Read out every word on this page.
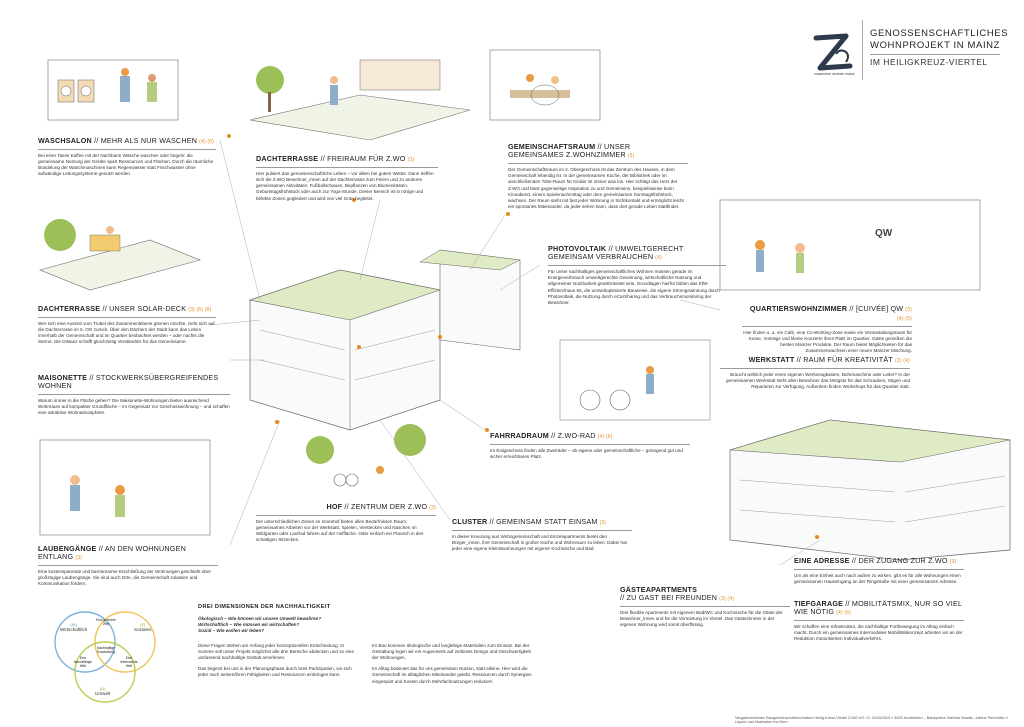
zusammen wohnen mainz
GENOSSENSCHAFTLICHES
WOHNPROJEKT IN MAINZ
IM HEILIGKREUZ-VIERTEL
QW
WASCHSALON // MEHR ALS NUR WASCHEN (4) (6)
Bei einer Tasse Kaffee mit der Nachbarin Wäsche waschen oder bügeln: die gemeinsame Nutzung der Geräte spart Ressourcen und Flächen. Durch die räumliche Bündelung der Waschmaschinen kann Regenwasser statt Frischwasser ohne aufwändige Leitungssysteme genutzt werden.
DACHTERRASSE // FREIRAUM FÜR Z.WO (3)
Hier pulsiert das genossenschaftliche Leben – vor allem bei gutem Wetter. Dann treffen sich die Z.WO Bewohner_innen auf der Dachterrasse zum Feiern und zu anderen gemeinsamen Aktivitäten: Fußballschauen, Bepflanzen von Blumenkästen, Geburtstagsfrühstück oder auch zur Yoga-Stunde. Dieser Bereich ist in ruhige und belebte Zonen gegliedert und wird von viel Grün begleitet.
GEMEINSCHAFTSRAUM // UNSER GEMEINSAMES Z.WOHNZIMMER (3)
Der Gemeinschaftsraum im 2. Obergeschoss ist das Zentrum des Hauses, in dem Gemeinschaft lebendig ist. In der gemeinsamen Küche, der Bibliothek oder im anschließenden Tobe-Raum für Kinder ist immer was los. Hier schlägt das Herz der Z.WO und lässt gegenseitige Inspiration zu und Gemeinsinn, beispielsweise beim Kinoabend, einem Spielenachmittag oder dem gemeinsamen Sonntagsfrühstück, wachsen. Der Raum steht mit fast jeder Wohnung in Sichtkontakt und ermöglicht leicht ein spontanes Miteinander, da jeder sehen kann, dass dort gerade Leben stattfindet.
DACHTERRASSE // UNSER SOLAR-DECK (3) (6) (8)
Wer sich eine Auszeit vom Trubel des Zusammenlebens gönnen möchte, zieht sich auf die Dachterrasse im 6. OG zurück. Über den Dächern der Stadt kann das Leben innerhalb der Gemeinschaft und im Quartier beobachtet werden – oder nachts die Sterne. Die Distanz schafft gleichzeitig Verständnis für das Gemeinsame.
PHOTOVOLTAIK // UMWELTGERECHT GEMEINSAM VERBRAUCHEN (4)
Für unser nachhaltiges gemeinschaftliches Wohnen müssen gerade im Energieverbrauch umweltgerechte Gewinnung, wirtschaftliche Nutzung und allgemeiner Nutzbarkeit gewährleistet sein. Grundlagen hierfür bilden das KfW-Effizienzhaus 55, die umweltoptimierte Bauweise, die eigene Stromgewinnung durch Photovoltaik, die Nutzung durch eCarSharing und das Verbrauchsmonitoring der Bewohner.
QUARTIERSWOHNZIMMER // [CUIVÉE] QW (3) (4) (5)
Hier finden u. a. ein Café, eine Co-Working-Zone sowie ein Veranstaltungsraum für Kurse, Vorträge und kleine Konzerte ihren Platz im Quartier. Gäste genießen die besten Mainzer Produkte. Der Raum bietet Möglichkeiten für das Zusammenwachsen einer neuen Mainzer Mischung.
MAISONETTE // STOCKWERKSÜBERGREIFENDES WOHNEN
Warum immer in die Fläche gehen? Die Maisonette-Wohnungen bieten ausreichend Wohnraum auf kompakter Grundfläche – im Gegensatz zur Geschosswohnung – und schaffen eine attraktive Wohnatmosphäre.
WERKSTATT // RAUM FÜR KREATIVITÄT (3) (4)
Braucht wirklich jeder einen eigenen Werkzeugkasten, Bohrmaschine oder Leiter? In der gemeinsamen Werkstatt steht allen Bewohner das Nötigste für das Schrauben, Sägen und Reparieren zur Verfügung. Außerdem finden Workshops für das Quartier statt.
FAHRRADRAUM // Z.WO-RAD (4) (6)
Im Erdgeschoss finden alle Zweiräder – ob eigene oder gemeinschaftliche – genügend gut und sicher erreichbaren Platz.
LAUBENGÄNGE // AN DEN WOHNUNGEN ENTLANG (3)
Eine kostensparende und barrierearme Erschließung der Wohnungen geschieht über großzügige Laubengänge. Sie sind auch Orte, die Gemeinschaft zulassen und Kommunikation fördern.
HOF // ZENTRUM DER Z.WO (3)
Die unterschiedlichen Zonen im Innenhof bieten allen Bedürfnissen Raum: gemeinsames Arbeiten vor der Werkstatt, Spielen, Verstecken und Naschen im Wildgarten oder Laufrad fahren auf der Hoffläche. Oder einfach ein Plausch in den schattigen Sitzecken.
CLUSTER // GEMEINSAM STATT EINSAM (3)
In dieser Kreuzung aus Wohngemeinschaft und Einzelapartments bietet den Bürger_innen, ihre Gemeinschaft in großer Küche und Wohnraum zu leben. Dabei hat jeder eine eigene Kleinstwohnungen mit eigener Kochnische und Bad.
EINE ADRESSE // DER ZUGANG ZUR Z.WO (3)
Um als eine Einheit auch nach außen zu wirken, gibt es für alle Wohnungen einen gemeinsamen Hauseingang an der Ringstraße mit einer gemeinsamen Adresse.
GÄSTEAPARTMENTS
// ZU GAST BEI FREUNDEN (3) (4)
Drei flexible Apartments mit eigenem Bad/WC und Kochnische für die Gäste der Bewohner_innen und für die Vermietung im Viertel. Das Gästezimmer in der eigenen Wohnung wird somit überflüssig.
TIEFGARAGE // MOBILITÄTSMIX, NUR SO VIEL WIE NÖTIG (4) (6)
Wir schaffen eine Infrastruktur, die nachhaltige Fortbewegung im Alltag einfach macht. Durch ein gemeinsames Intermodales Mobilitätskonzept arbeiten wir an der Reduktion motorisierten Individualverkehrs.
(W)
Wirtschaftlich
(S)
Soziales
(U)
Umwelt
Nachhaltige Entwicklung
Eine gerechte Welt
Eine lebensfähige Welt
Eine lebenswerte Welt
DREI DIMENSIONEN DER NACHHALTIGKEIT
Ökologisch – Wie können wir unsere Umwelt bewahren?
Wirtschaftlich – Wie müssen wir wirtschaften?
Sozial – Wie wollen wir leben?
Diese Fragen stehen am Anfang jeder konzeptionellen Entscheidung. In Summe soll unser Projekt möglichst alle drei Bereiche abdecken und so eine umfassend nachhaltige Gestalt annehmen.
Das beginnt bei uns in der Planungsphase durch breit Partizipation, wo sich jeder nach seinen/ihren Fähigkeiten und Ressourcen einbringen kann.
Im Bau kommen ökologische und langlebige Materialien zum Einsatz. Bei der Gestaltung legen wir ein Augenmerk auf zeitloses Design und Gleichwertigkeit der Wohnungen.
Im Alltag bedeutet das für uns gemeinsam Nutzen, statt alleine. Hier wird die Gemeinschaft im alltäglichen Miteinander gelebt, Ressourcen durch Synergien eingespart und Kosten durch Mehrfachnutzungen reduziert.
Vergabeverfahren Baugemeinschaftsvorhaben Heilig-Kreuz-Viertel Z.WO eG i.G. 2018/2019 // 4620 Architekten – Baukybane Sabrina Nowak, Juliane Perlmöller // Layout und Illustration Ina Kern
